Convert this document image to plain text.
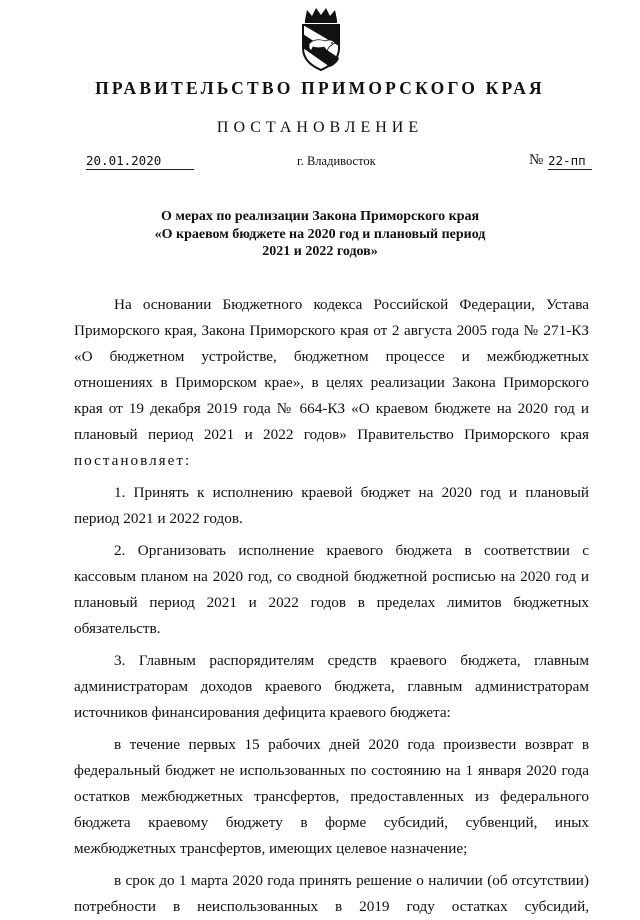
ПРАВИТЕЛЬСТВО ПРИМОРСКОГО КРАЯ
ПОСТАНОВЛЕНИЕ
20.01.2020	г. Владивосток	№ 22-пп
О мерах по реализации Закона Приморского края
«О краевом бюджете на 2020 год и плановый период
2021 и 2022 годов»

На основании Бюджетного кодекса Российской Федерации, Устава Приморского края, Закона Приморского края от 2 августа 2005 года № 271-КЗ «О бюджетном устройстве, бюджетном процессе и межбюджетных отношениях в Приморском крае», в целях реализации Закона Приморского края от 19 декабря 2019 года № 664-КЗ «О краевом бюджете на 2020 год и плановый период 2021 и 2022 годов» Правительство Приморского края постановляет:

1. Принять к исполнению краевой бюджет на 2020 год и плановый период 2021 и 2022 годов.

2. Организовать исполнение краевого бюджета в соответствии с кассовым планом на 2020 год, со сводной бюджетной росписью на 2020 год и плановый период 2021 и 2022 годов в пределах лимитов бюджетных обязательств.

3. Главным распорядителям средств краевого бюджета, главным администраторам доходов краевого бюджета, главным администраторам источников финансирования дефицита краевого бюджета:

в течение первых 15 рабочих дней 2020 года произвести возврат в федеральный бюджет не использованных по состоянию на 1 января 2020 года остатков межбюджетных трансфертов, предоставленных из федерального бюджета краевому бюджету в форме субсидий, субвенций, иных межбюджетных трансфертов, имеющих целевое назначение;

в срок до 1 марта 2020 года принять решение о наличии (об отсутствии) потребности в неиспользованных в 2019 году остатках субсидий,
